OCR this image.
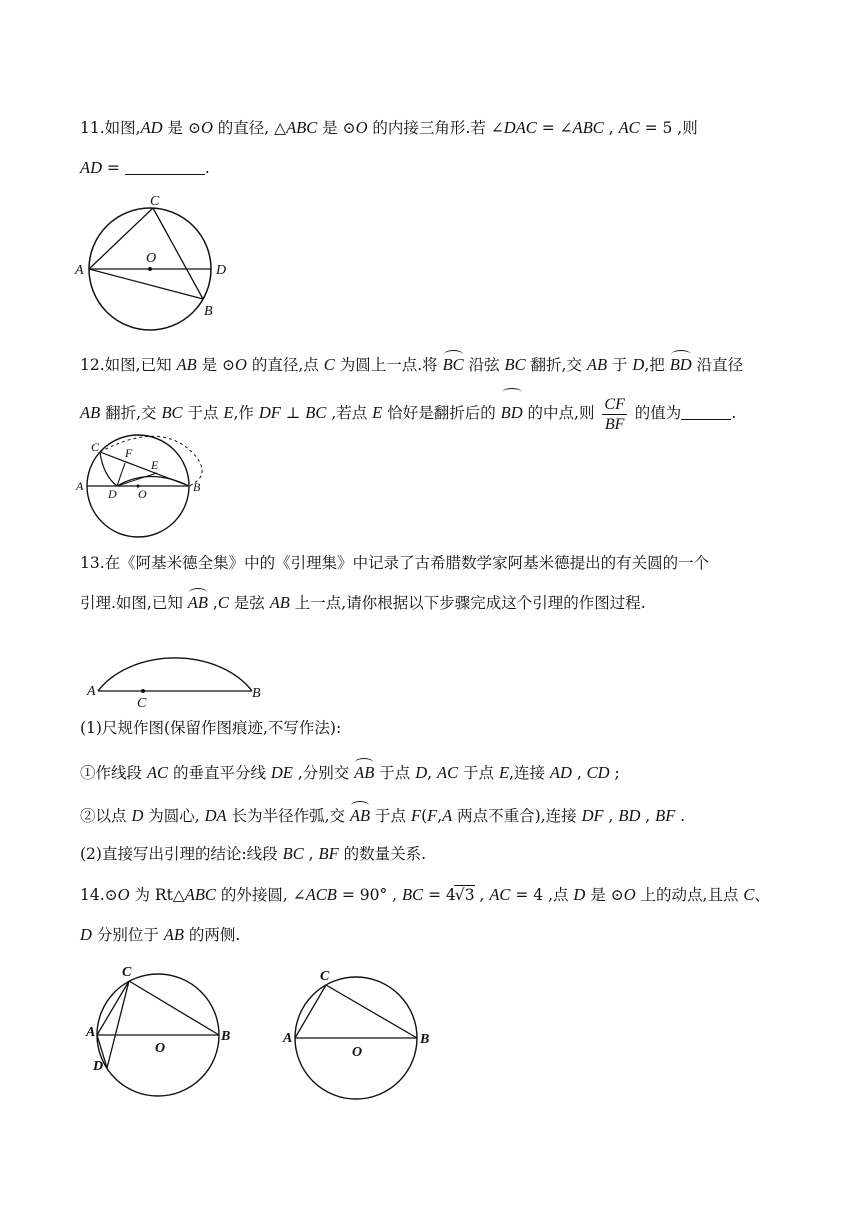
11.如图,AD 是 ⊙O 的直径, △ABC 是 ⊙O 的内接三角形.若 ∠DAC = ∠ABC , AC = 5 ,则
AD =	.
C
O
A	D
B
12.如图,已知 AB 是 ⊙O 的直径,点 C 为圆上一点.将 BC 沿弦 BC 翻折,交 AB 于 D,把 BD 沿直径
AB 翻折,交 BC 于点 E,作 DF ⊥ BC ,若点 E 恰好是翻折后的 BD 的中点,则 $\frac{CF}{BF}$ 的值为	.
C F
E
A
D O	B
13.在《阿基米德全集》中的《引理集》中记录了古希腊数学家阿基米德提出的有关圆的一个
引理.如图,已知 AB ,C 是弦 AB 上一点,请你根据以下步骤完成这个引理的作图过程.
A
C
B
(1)尺规作图(保留作图痕迹,不写作法):
①作线段 AC 的垂直平分线 DE ,分别交 AB 于点 D, AC 于点 E,连接 AD , CD ;
②以点 D 为圆心, DA 长为半径作弧,交 AB 于点 F(F,A 两点不重合),连接 DF , BD , BF .
(2)直接写出引理的结论:线段 BC , BF 的数量关系.
14.⊙O 为 Rt△ABC 的外接圆, ∠ACB = 90° , BC = 4√3 , AC = 4 ,点 D 是 ⊙O 上的动点,且点 C、
D 分别位于 AB 的两侧.
C
A	B
O
D
C
A	B
O
